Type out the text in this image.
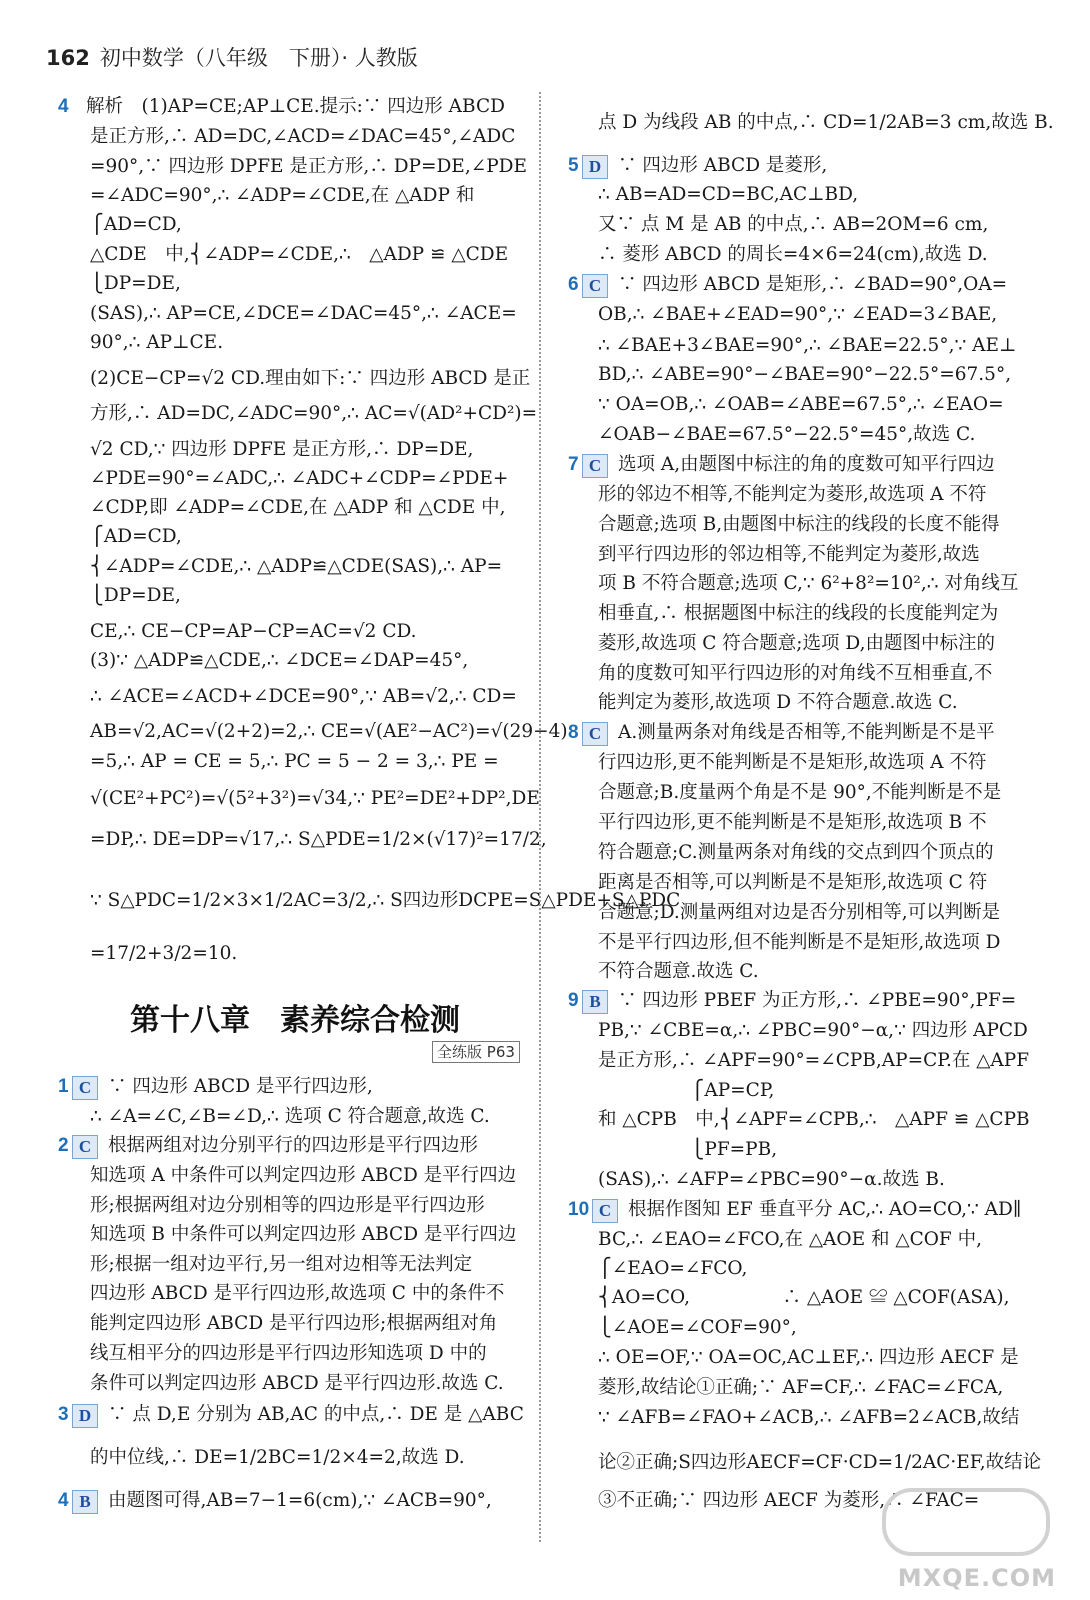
162 初中数学（八年级　下册）· 人教版
4 解析　(1)AP=CE;AP⊥CE.提示:∵ 四边形 ABCD
是正方形,∴ AD=DC,∠ACD=∠DAC=45°,∠ADC
=90°,∵ 四边形 DPFE 是正方形,∴ DP=DE,∠PDE
=∠ADC=90°,∴ ∠ADP=∠CDE,在 △ADP 和
⎧AD=CD,
△CDE　中,⎨∠ADP=∠CDE,∴　△ADP ≌ △CDE
⎩DP=DE,
(SAS),∴ AP=CE,∠DCE=∠DAC=45°,∴ ∠ACE=
90°,∴ AP⊥CE.
(2)CE−CP=√2 CD.理由如下:∵ 四边形 ABCD 是正
方形,∴ AD=DC,∠ADC=90°,∴ AC=√(AD²+CD²)=
√2 CD,∵ 四边形 DPFE 是正方形,∴ DP=DE,
∠PDE=90°=∠ADC,∴ ∠ADC+∠CDP=∠PDE+
∠CDP,即 ∠ADP=∠CDE,在 △ADP 和 △CDE 中,
⎧AD=CD,
⎨∠ADP=∠CDE,∴ △ADP≌△CDE(SAS),∴ AP=
⎩DP=DE,
CE,∴ CE−CP=AP−CP=AC=√2 CD.
(3)∵ △ADP≌△CDE,∴ ∠DCE=∠DAP=45°,
∴ ∠ACE=∠ACD+∠DCE=90°,∵ AB=√2,∴ CD=
AB=√2,AC=√(2+2)=2,∴ CE=√(AE²−AC²)=√(29−4)
=5,∴ AP = CE = 5,∴ PC = 5 − 2 = 3,∴ PE =
√(CE²+PC²)=√(5²+3²)=√34,∵ PE²=DE²+DP²,DE
=DP,∴ DE=DP=√17,∴ S△PDE=1/2×(√17)²=17/2,
∵ S△PDC=1/2×3×1/2AC=3/2,∴ S四边形DCPE=S△PDE+S△PDC
=17/2+3/2=10.
1 C ∵ 四边形 ABCD 是平行四边形,
∴ ∠A=∠C,∠B=∠D,∴ 选项 C 符合题意,故选 C.
2 C 根据两组对边分别平行的四边形是平行四边形
知选项 A 中条件可以判定四边形 ABCD 是平行四边
形;根据两组对边分别相等的四边形是平行四边形
知选项 B 中条件可以判定四边形 ABCD 是平行四边
形;根据一组对边平行,另一组对边相等无法判定
四边形 ABCD 是平行四边形,故选项 C 中的条件不
能判定四边形 ABCD 是平行四边形;根据两组对角
线互相平分的四边形是平行四边形知选项 D 中的
条件可以判定四边形 ABCD 是平行四边形.故选 C.
3 D ∵ 点 D,E 分别为 AB,AC 的中点,∴ DE 是 △ABC
的中位线,∴ DE=1/2BC=1/2×4=2,故选 D.
4 B 由题图可得,AB=7−1=6(cm),∵ ∠ACB=90°,
点 D 为线段 AB 的中点,∴ CD=1/2AB=3 cm,故选 B.
5 D ∵ 四边形 ABCD 是菱形,
∴ AB=AD=CD=BC,AC⊥BD,
又∵ 点 M 是 AB 的中点,∴ AB=2OM=6 cm,
∴ 菱形 ABCD 的周长=4×6=24(cm),故选 D.
6 C ∵ 四边形 ABCD 是矩形,∴ ∠BAD=90°,OA=
OB,∴ ∠BAE+∠EAD=90°,∵ ∠EAD=3∠BAE,
∴ ∠BAE+3∠BAE=90°,∴ ∠BAE=22.5°,∵ AE⊥
BD,∴ ∠ABE=90°−∠BAE=90°−22.5°=67.5°,
∵ OA=OB,∴ ∠OAB=∠ABE=67.5°,∴ ∠EAO=
∠OAB−∠BAE=67.5°−22.5°=45°,故选 C.
7 C 选项 A,由题图中标注的角的度数可知平行四边
形的邻边不相等,不能判定为菱形,故选项 A 不符
合题意;选项 B,由题图中标注的线段的长度不能得
到平行四边形的邻边相等,不能判定为菱形,故选
项 B 不符合题意;选项 C,∵ 6²+8²=10²,∴ 对角线互
相垂直,∴ 根据题图中标注的线段的长度能判定为
菱形,故选项 C 符合题意;选项 D,由题图中标注的
角的度数可知平行四边形的对角线不互相垂直,不
能判定为菱形,故选项 D 不符合题意.故选 C.
8 C A.测量两条对角线是否相等,不能判断是不是平
行四边形,更不能判断是不是矩形,故选项 A 不符
合题意;B.度量两个角是不是 90°,不能判断是不是
平行四边形,更不能判断是不是矩形,故选项 B 不
符合题意;C.测量两条对角线的交点到四个顶点的
距离是否相等,可以判断是不是矩形,故选项 C 符
合题意;D.测量两组对边是否分别相等,可以判断是
不是平行四边形,但不能判断是不是矩形,故选项 D
不符合题意.故选 C.
9 B ∵ 四边形 PBEF 为正方形,∴ ∠PBE=90°,PF=
PB,∵ ∠CBE=α,∴ ∠PBC=90°−α,∵ 四边形 APCD
是正方形,∴ ∠APF=90°=∠CPB,AP=CP.在 △APF
　　　　　⎧AP=CP,
和 △CPB　中,⎨∠APF=∠CPB,∴　△APF ≌ △CPB
　　　　　⎩PF=PB,
(SAS),∴ ∠AFP=∠PBC=90°−α.故选 B.
10 C 根据作图知 EF 垂直平分 AC,∴ AO=CO,∵ AD∥
BC,∴ ∠EAO=∠FCO,在 △AOE 和 △COF 中,
⎧∠EAO=∠FCO,
⎨AO=CO,　　　　　∴ △AOE ≌ △COF(ASA),
⎩∠AOE=∠COF=90°,
∴ OE=OF,∵ OA=OC,AC⊥EF,∴ 四边形 AECF 是
菱形,故结论①正确;∵ AF=CF,∴ ∠FAC=∠FCA,
∵ ∠AFB=∠FAO+∠ACB,∴ ∠AFB=2∠ACB,故结
论②正确;S四边形AECF=CF·CD=1/2AC·EF,故结论
③不正确;∵ 四边形 AECF 为菱形,∴ ∠FAC=
第十八章　素养综合检测
全练版 P63
MXQE.COM
